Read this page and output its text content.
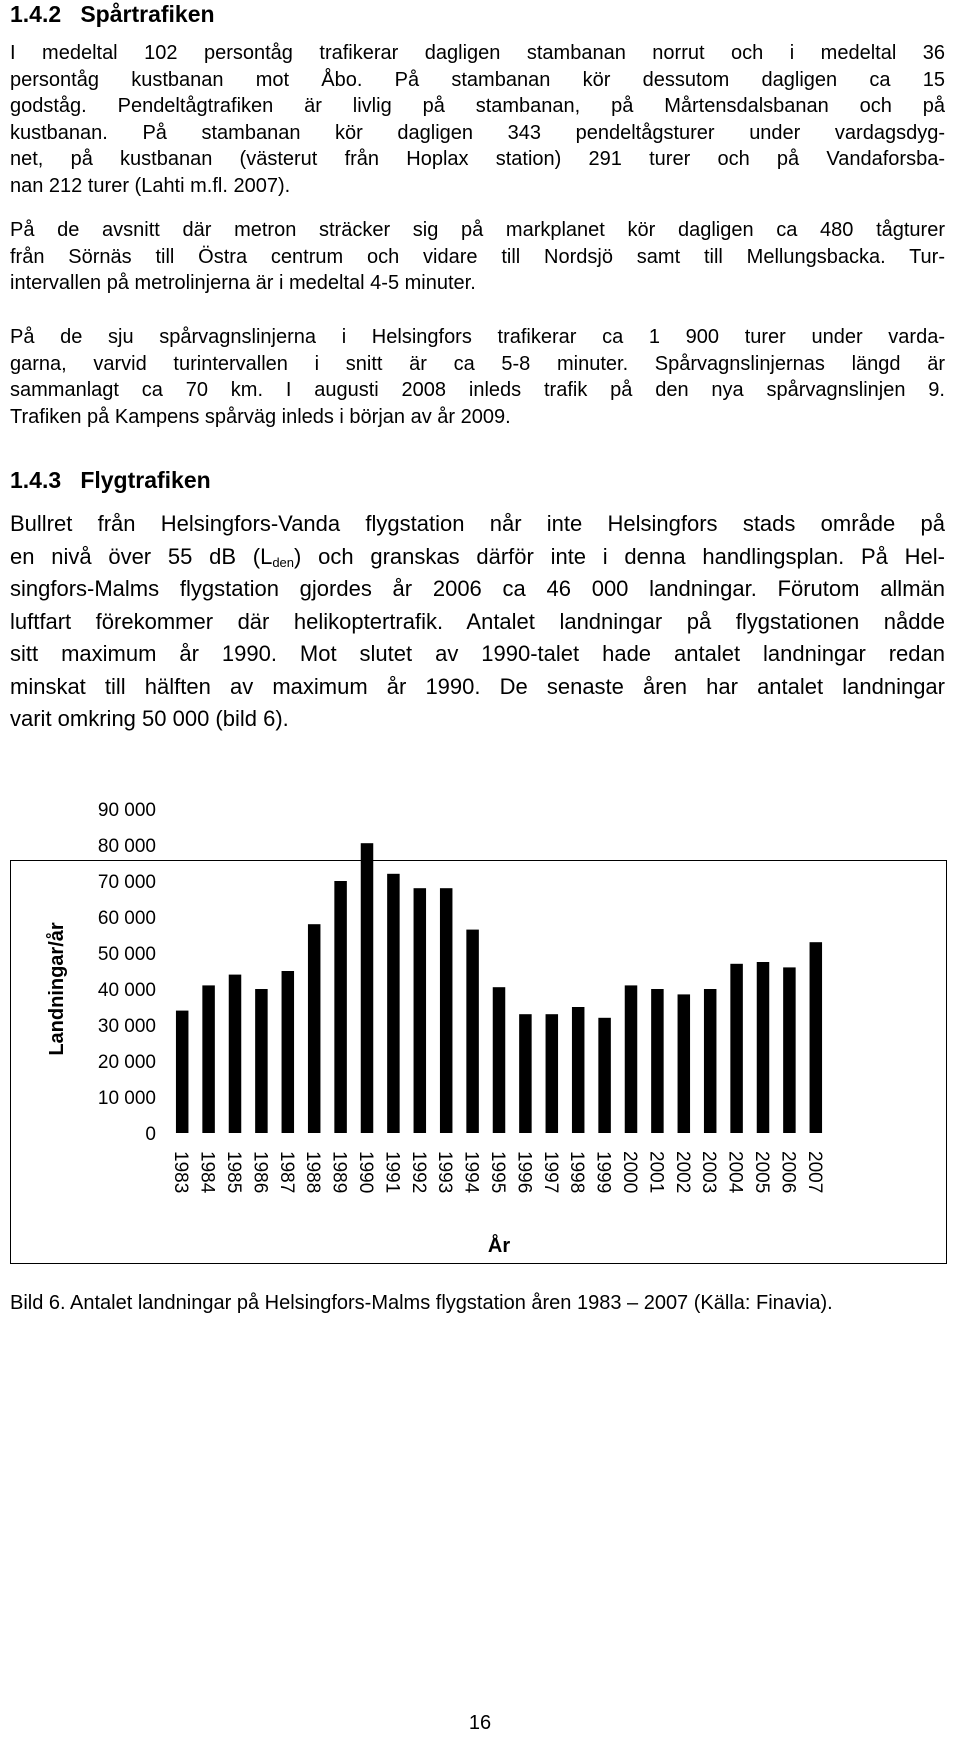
1.4.2 Spårtrafiken
I medeltal 102 persontåg trafikerar dagligen stambanan norrut och i medeltal 36
persontåg kustbanan mot Åbo. På stambanan kör dessutom dagligen ca 15
godståg. Pendeltågtrafiken är livlig på stambanan, på Mårtensdalsbanan och på
kustbanan. På stambanan kör dagligen 343 pendeltågsturer under vardagsdyg-
net, på kustbanan (västerut från Hoplax station) 291 turer och på Vandaforsba-
nan 212 turer (Lahti m.fl. 2007).
På de avsnitt där metron sträcker sig på markplanet kör dagligen ca 480 tågturer
från Sörnäs till Östra centrum och vidare till Nordsjö samt till Mellungsbacka. Tur-
intervallen på metrolinjerna är i medeltal 4-5 minuter.
På de sju spårvagnslinjerna i Helsingfors trafikerar ca 1 900 turer under varda-
garna, varvid turintervallen i snitt är ca 5-8 minuter. Spårvagnslinjernas längd är
sammanlagt ca 70 km. I augusti 2008 inleds trafik på den nya spårvagnslinjen 9.
Trafiken på Kampens spårväg inleds i början av år 2009.
1.4.3 Flygtrafiken
Bullret från Helsingfors-Vanda flygstation når inte Helsingfors stads område på
en nivå över 55 dB $(L_{den})$ och granskas därför inte i denna handlingsplan. På Hel-
singfors-Malms flygstation gjordes år 2006 ca 46 000 landningar. Förutom allmän
luftfart förekommer där helikoptertrafik. Antalet landningar på flygstationen nådde
sitt maximum år 1990. Mot slutet av 1990-talet hade antalet landningar redan
minskat till hälften av maximum år 1990. De senaste åren har antalet landningar
varit omkring 50 000 (bild 6).
0
10 000
20 000
30 000
40 000
50 000
60 000
70 000
80 000
90 000
1983 1984 1985 1986 1987 1988 1989 1990 1991 1992 1993 1994 1995 1996 1997 1998 1999 2000 2001 2002 2003 2004 2005 2006 2007
År
Landningar/år
Bild 6. Antalet landningar på Helsingfors-Malms flygstation åren 1983 – 2007 (Källa: Finavia).
16
